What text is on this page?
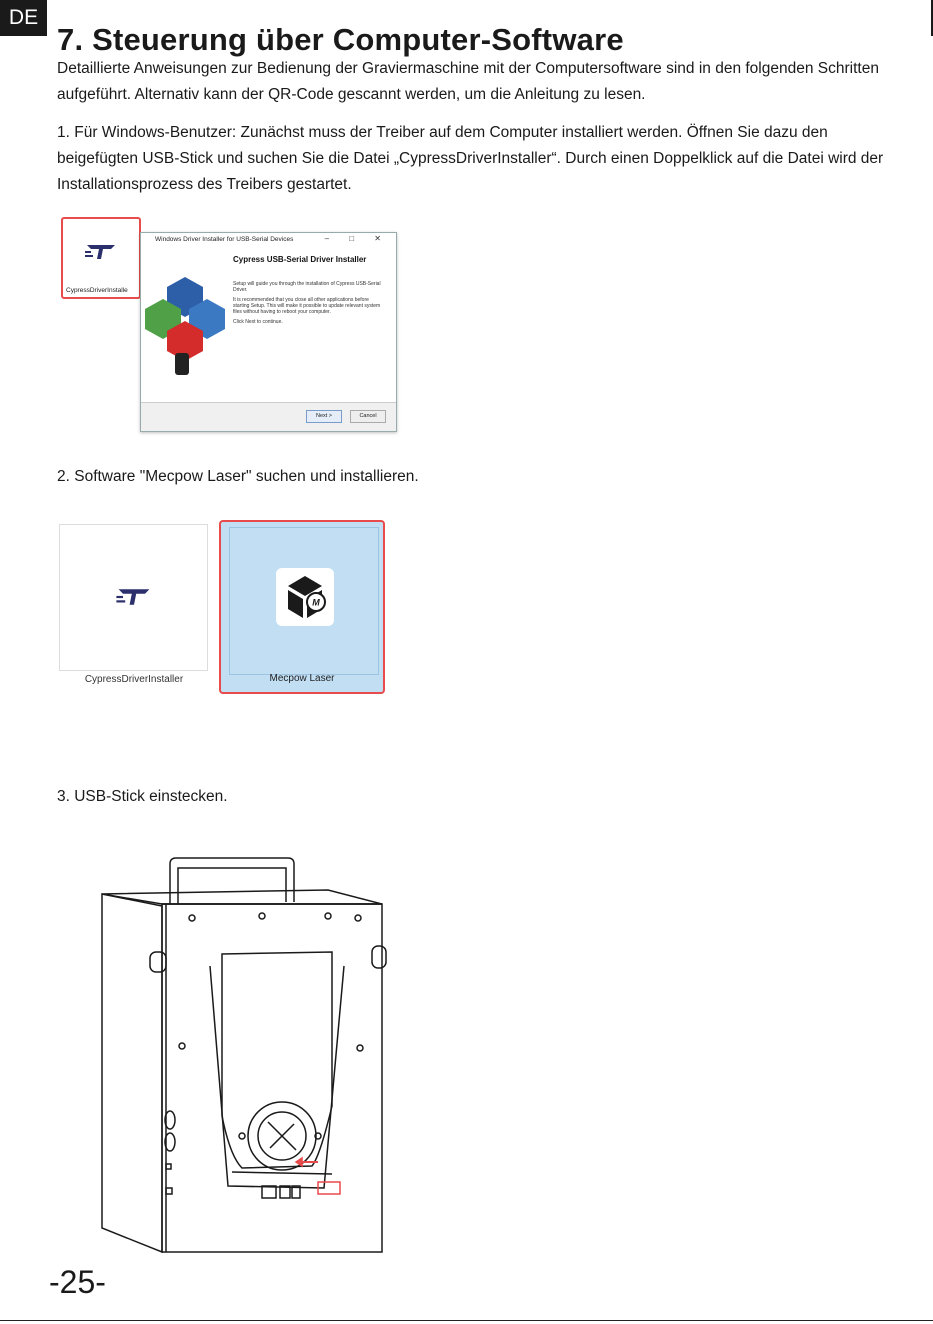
DE
7. Steuerung über Computer-Software

Detaillierte Anweisungen zur Bedienung der Graviermaschine mit der Computersoftware sind in den folgenden Schritten aufgeführt. Alternativ kann der QR-Code gescannt werden, um die Anleitung zu lesen.

1. Für Windows-Benutzer: Zunächst muss der Treiber auf dem Computer installiert werden. Öffnen Sie dazu den beigefügten USB-Stick und suchen Sie die Datei „CypressDriverInstaller“. Durch einen Doppelklick auf die Datei wird der Installationsprozess des Treibers gestartet.

CypressDriverInstalle
Windows Driver Installer for USB-Serial Devices	– □ ✕
Cypress USB-Serial Driver Installer

Setup will guide you through the installation of Cypress USB-Serial Driver.

It is recommended that you close all other applications before starting Setup. This will make it possible to update relevant system files without having to reboot your computer.

Click Next to continue.

Next >	Cancel

2. Software "Mecpow Laser" suchen und installieren.

CypressDriverInstaller
M
Mecpow Laser

3. USB-Stick einstecken.

-25-
